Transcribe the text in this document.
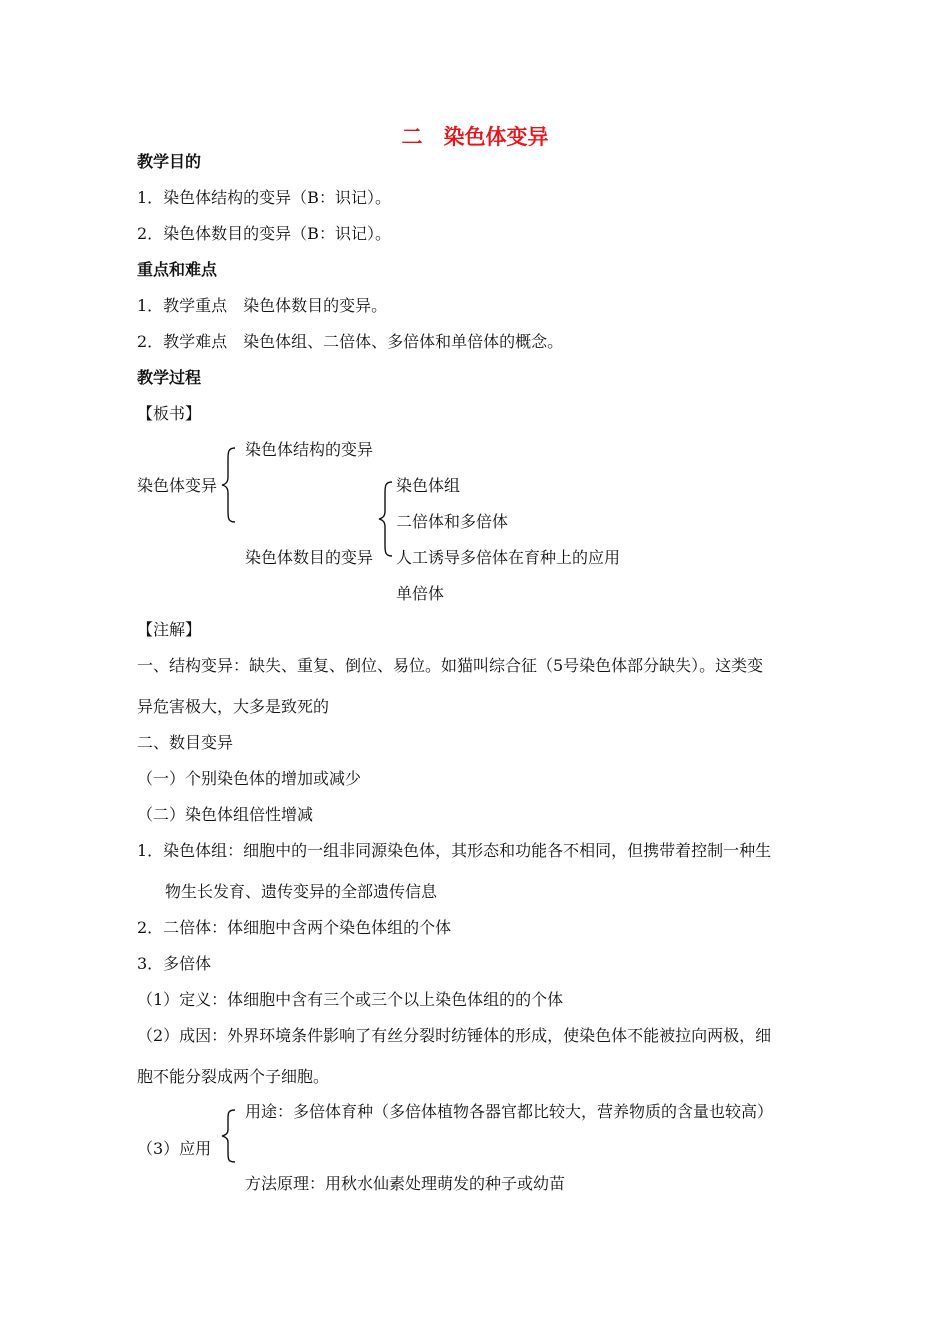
二　染色体变异
教学目的
1．染色体结构的变异（B：识记）。
2．染色体数目的变异（B：识记）。
重点和难点
1．教学重点　染色体数目的变异。
2．教学难点　染色体组、二倍体、多倍体和单倍体的概念。
教学过程
【板书】
染色体变异
染色体结构的变异
染色体数目的变异
染色体组
二倍体和多倍体
人工诱导多倍体在育种上的应用
单倍体
【注解】
一、结构变异：缺失、重复、倒位、易位。如猫叫综合征（5号染色体部分缺失）。这类变
异危害极大，大多是致死的
二、数目变异
（一）个别染色体的增加或减少
（二）染色体组倍性增减
1．染色体组：细胞中的一组非同源染色体，其形态和功能各不相同，但携带着控制一种生
物生长发育、遗传变异的全部遗传信息
2．二倍体：体细胞中含两个染色体组的个体
3．多倍体
（1）定义：体细胞中含有三个或三个以上染色体组的的个体
（2）成因：外界环境条件影响了有丝分裂时纺锤体的形成，使染色体不能被拉向两极，细
胞不能分裂成两个子细胞。
（3）应用
用途：多倍体育种（多倍体植物各器官都比较大，营养物质的含量也较高）
方法原理：用秋水仙素处理萌发的种子或幼苗
